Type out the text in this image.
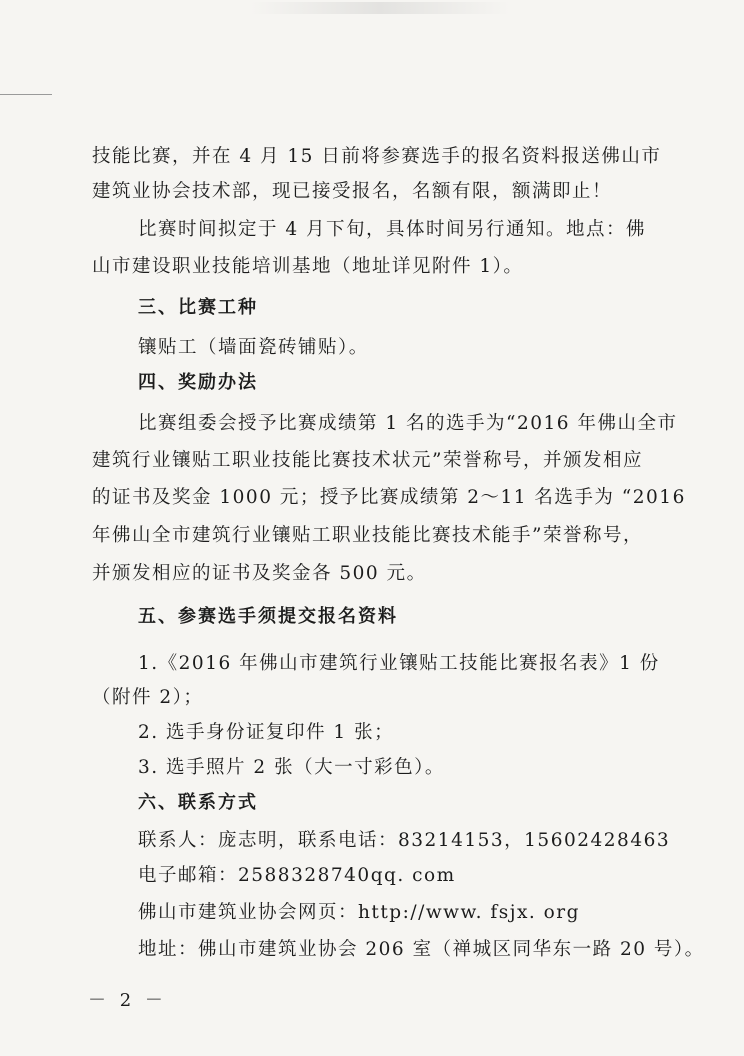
技能比赛，并在 4 月 15 日前将参赛选手的报名资料报送佛山市
建筑业协会技术部，现已接受报名，名额有限，额满即止！
比赛时间拟定于 4 月下旬，具体时间另行通知。地点：佛
山市建设职业技能培训基地（地址详见附件 1）。
三、比赛工种
镶贴工（墙面瓷砖铺贴）。
四、奖励办法
比赛组委会授予比赛成绩第 1 名的选手为“2016 年佛山全市
建筑行业镶贴工职业技能比赛技术状元”荣誉称号，并颁发相应
的证书及奖金 1000 元；授予比赛成绩第 2～11 名选手为 “2016
年佛山全市建筑行业镶贴工职业技能比赛技术能手”荣誉称号，
并颁发相应的证书及奖金各 500 元。
五、参赛选手须提交报名资料
1.《2016 年佛山市建筑行业镶贴工技能比赛报名表》1 份
（附件 2）；
2. 选手身份证复印件 1 张；
3. 选手照片 2 张（大一寸彩色）。
六、联系方式
联系人：庞志明，联系电话：83214153，15602428463
电子邮箱：2588328740qq. com
佛山市建筑业协会网页：http://www. fsjx. org
地址：佛山市建筑业协会 206 室（禅城区同华东一路 20 号）。
－ 2 －
